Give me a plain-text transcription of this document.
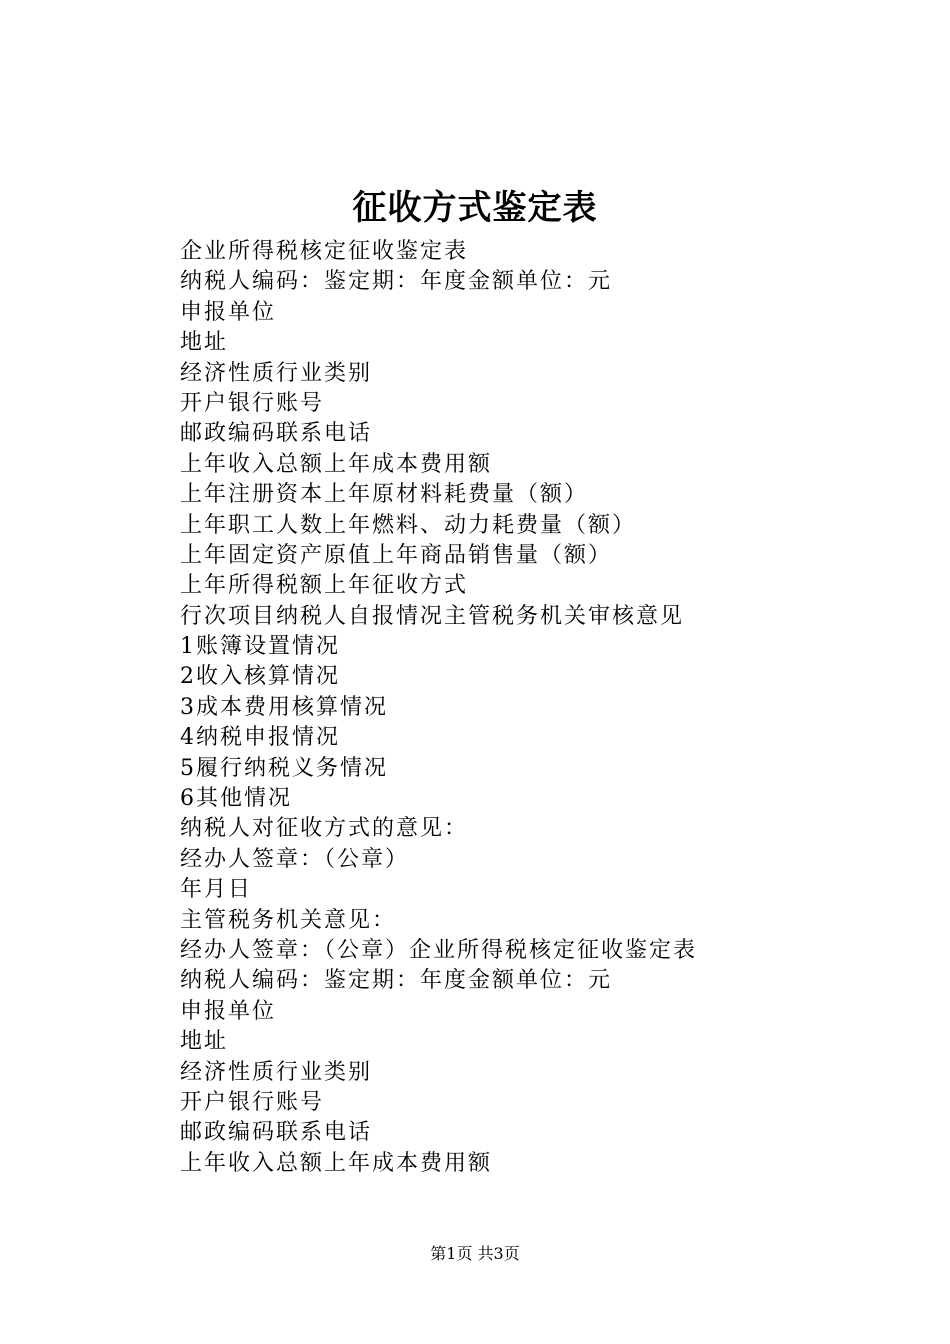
征收方式鉴定表
企业所得税核定征收鉴定表
纳税人编码：鉴定期：年度金额单位：元
申报单位
地址
经济性质行业类别
开户银行账号
邮政编码联系电话
上年收入总额上年成本费用额
上年注册资本上年原材料耗费量（额）
上年职工人数上年燃料、动力耗费量（额）
上年固定资产原值上年商品销售量（额）
上年所得税额上年征收方式
行次项目纳税人自报情况主管税务机关审核意见
1账簿设置情况
2收入核算情况
3成本费用核算情况
4纳税申报情况
5履行纳税义务情况
6其他情况
纳税人对征收方式的意见：
经办人签章：（公章）
年月日
主管税务机关意见：
经办人签章：（公章）企业所得税核定征收鉴定表
纳税人编码：鉴定期：年度金额单位：元
申报单位
地址
经济性质行业类别
开户银行账号
邮政编码联系电话
上年收入总额上年成本费用额
第1页 共3页
